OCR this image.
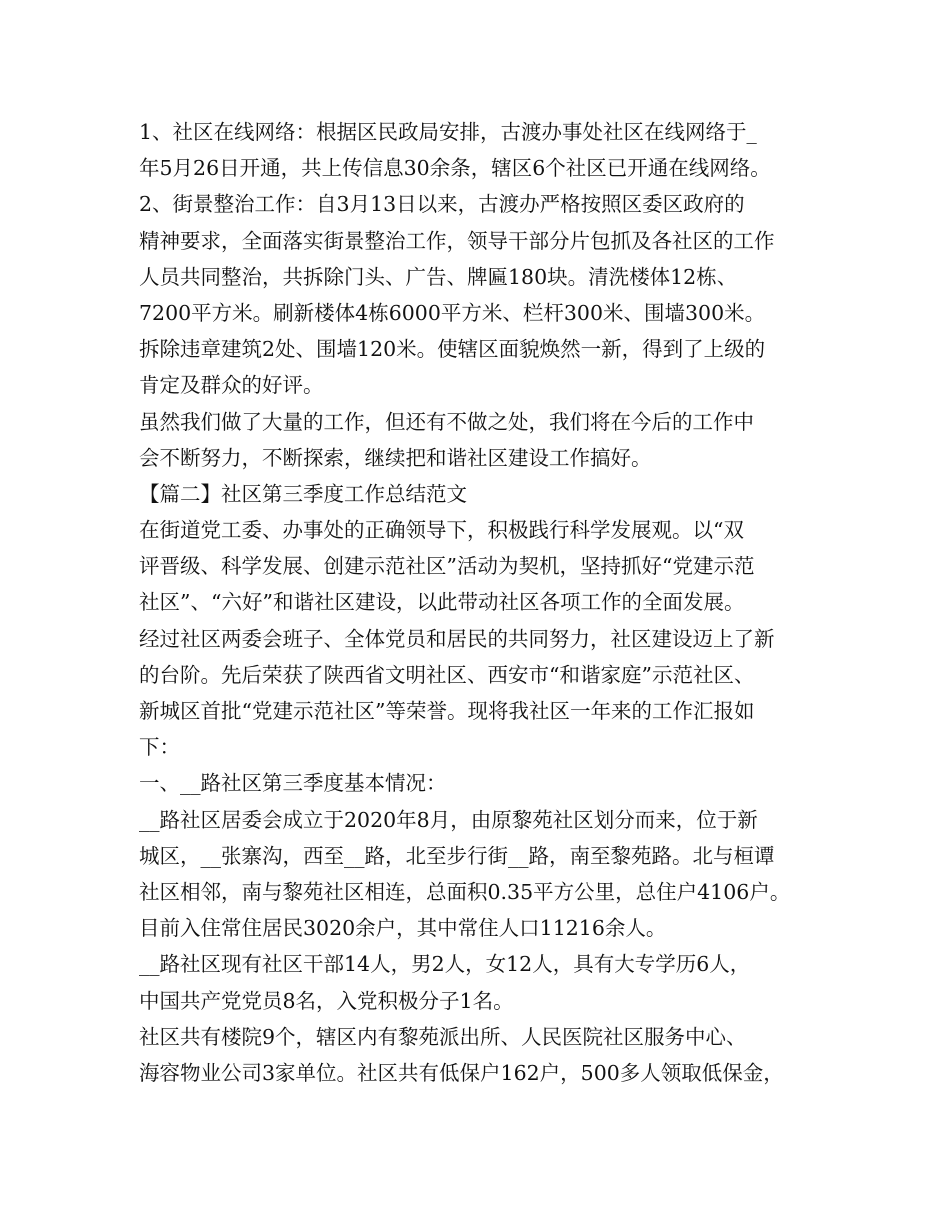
1、社区在线网络：根据区民政局安排，古渡办事处社区在线网络于_
年5月26日开通，共上传信息30余条，辖区6个社区已开通在线网络。
2、街景整治工作：自3月13日以来，古渡办严格按照区委区政府的
精神要求，全面落实街景整治工作，领导干部分片包抓及各社区的工作
人员共同整治，共拆除门头、广告、牌匾180块。清洗楼体12栋、
7200平方米。刷新楼体4栋6000平方米、栏杆300米、围墙300米。
拆除违章建筑2处、围墙120米。使辖区面貌焕然一新，得到了上级的
肯定及群众的好评。
虽然我们做了大量的工作，但还有不做之处，我们将在今后的工作中
会不断努力，不断探索，继续把和谐社区建设工作搞好。
【篇二】社区第三季度工作总结范文
在街道党工委、办事处的正确领导下，积极践行科学发展观。以“双
评晋级、科学发展、创建示范社区”活动为契机，坚持抓好“党建示范
社区”、“六好”和谐社区建设，以此带动社区各项工作的全面发展。
经过社区两委会班子、全体党员和居民的共同努力，社区建设迈上了新
的台阶。先后荣获了陕西省文明社区、西安市“和谐家庭”示范社区、
新城区首批“党建示范社区”等荣誉。现将我社区一年来的工作汇报如
下：
一、__路社区第三季度基本情况：
__路社区居委会成立于2020年8月，由原黎苑社区划分而来，位于新
城区，__张寨沟，西至__路，北至步行街__路，南至黎苑路。北与桓谭
社区相邻，南与黎苑社区相连，总面积0.35平方公里，总住户4106户。
目前入住常住居民3020余户，其中常住人口11216余人。
__路社区现有社区干部14人，男2人，女12人，具有大专学历6人，
中国共产党党员8名，入党积极分子1名。
社区共有楼院9个，辖区内有黎苑派出所、人民医院社区服务中心、
海容物业公司3家单位。社区共有低保户162户，500多人领取低保金，
